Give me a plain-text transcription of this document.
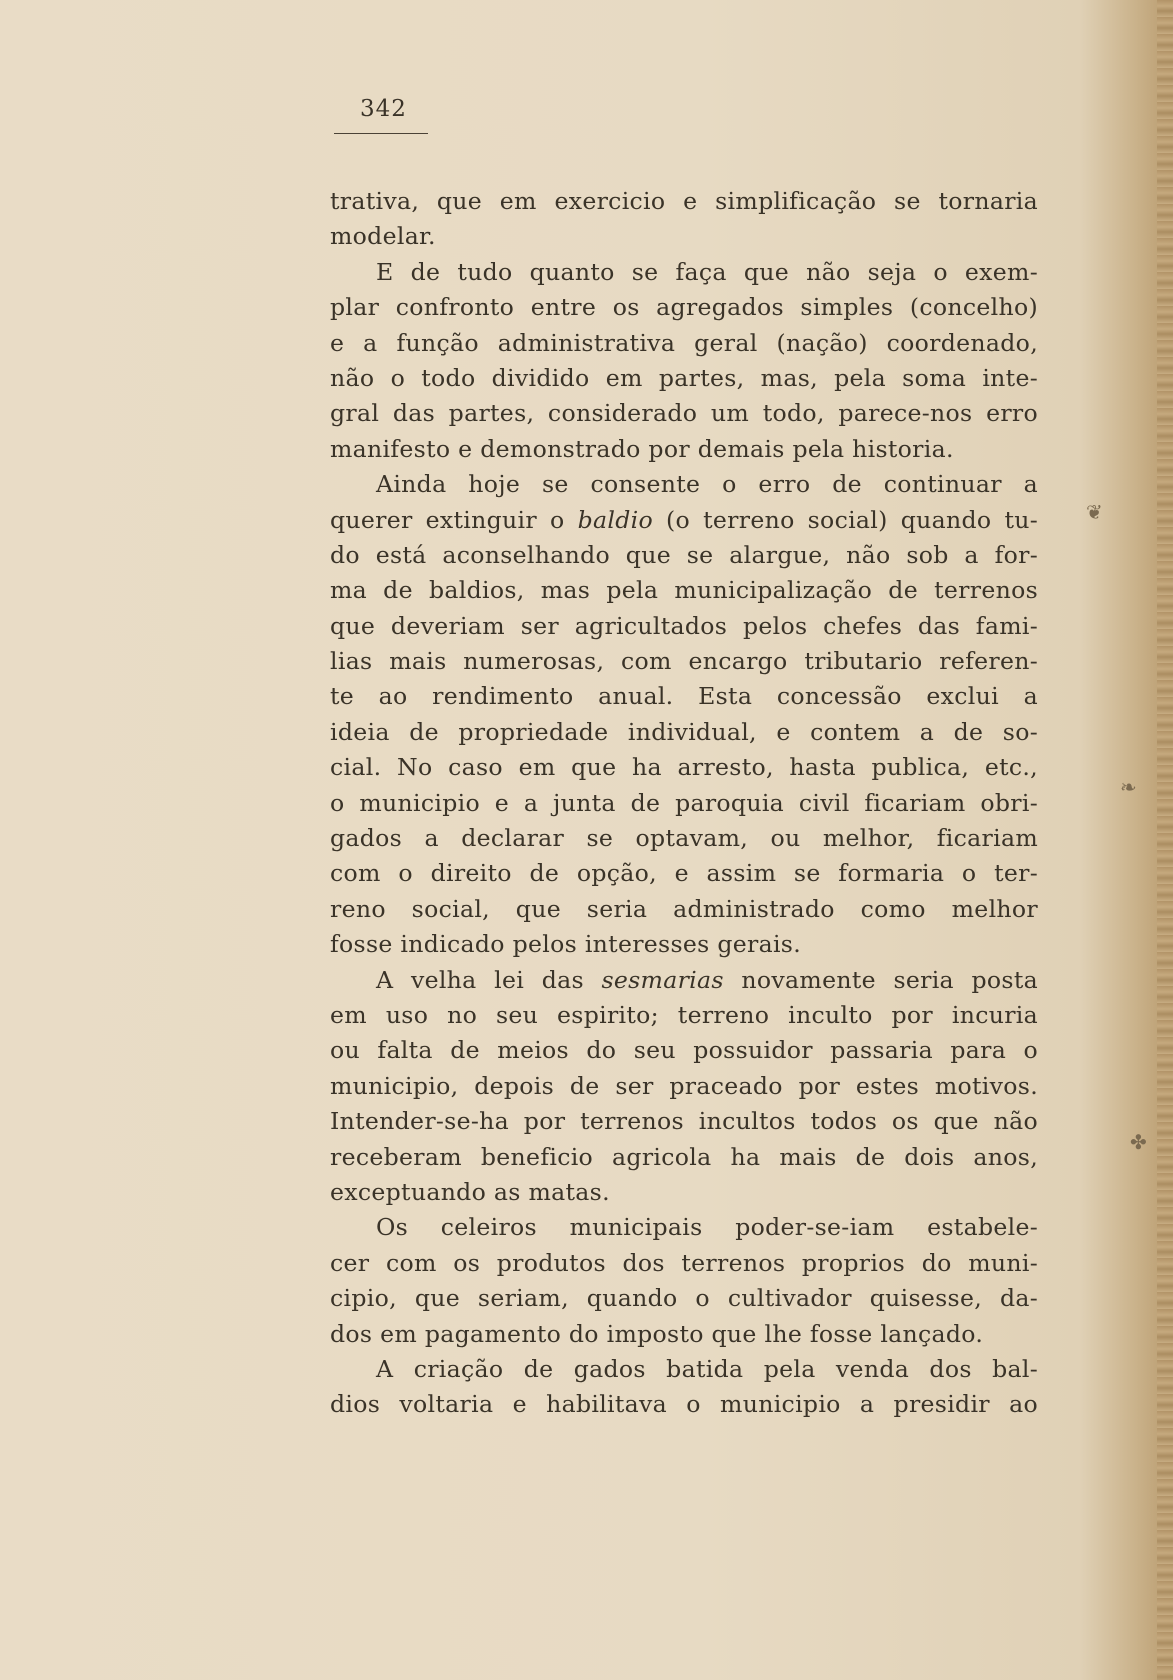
342
trativa, que em exercicio e simplificação se tornaria
modelar.
E de tudo quanto se faça que não seja o exem-
plar confronto entre os agregados simples (concelho)
e a função administrativa geral (nação) coordenado,
não o todo dividido em partes, mas, pela soma inte-
gral das partes, considerado um todo, parece-nos erro
manifesto e demonstrado por demais pela historia.
Ainda hoje se consente o erro de continuar a
querer extinguir o baldio (o terreno social) quando tu-
do está aconselhando que se alargue, não sob a for-
ma de baldios, mas pela municipalização de terrenos
que deveriam ser agricultados pelos chefes das fami-
lias mais numerosas, com encargo tributario referen-
te ao rendimento anual. Esta concessão exclui a
ideia de propriedade individual, e contem a de so-
cial. No caso em que ha arresto, hasta publica, etc.,
o municipio e a junta de paroquia civil ficariam obri-
gados a declarar se optavam, ou melhor, ficariam
com o direito de opção, e assim se formaria o ter-
reno social, que seria administrado como melhor
fosse indicado pelos interesses gerais.
A velha lei das sesmarias novamente seria posta
em uso no seu espirito; terreno inculto por incuria
ou falta de meios do seu possuidor passaria para o
municipio, depois de ser praceado por estes motivos.
Intender-se-ha por terrenos incultos todos os que não
receberam beneficio agricola ha mais de dois anos,
exceptuando as matas.
Os celeiros municipais poder-se-iam estabele-
cer com os produtos dos terrenos proprios do muni-
cipio, que seriam, quando o cultivador quisesse, da-
dos em pagamento do imposto que lhe fosse lançado.
A criação de gados batida pela venda dos bal-
dios voltaria e habilitava o municipio a presidir ao
❦
❧
✤
